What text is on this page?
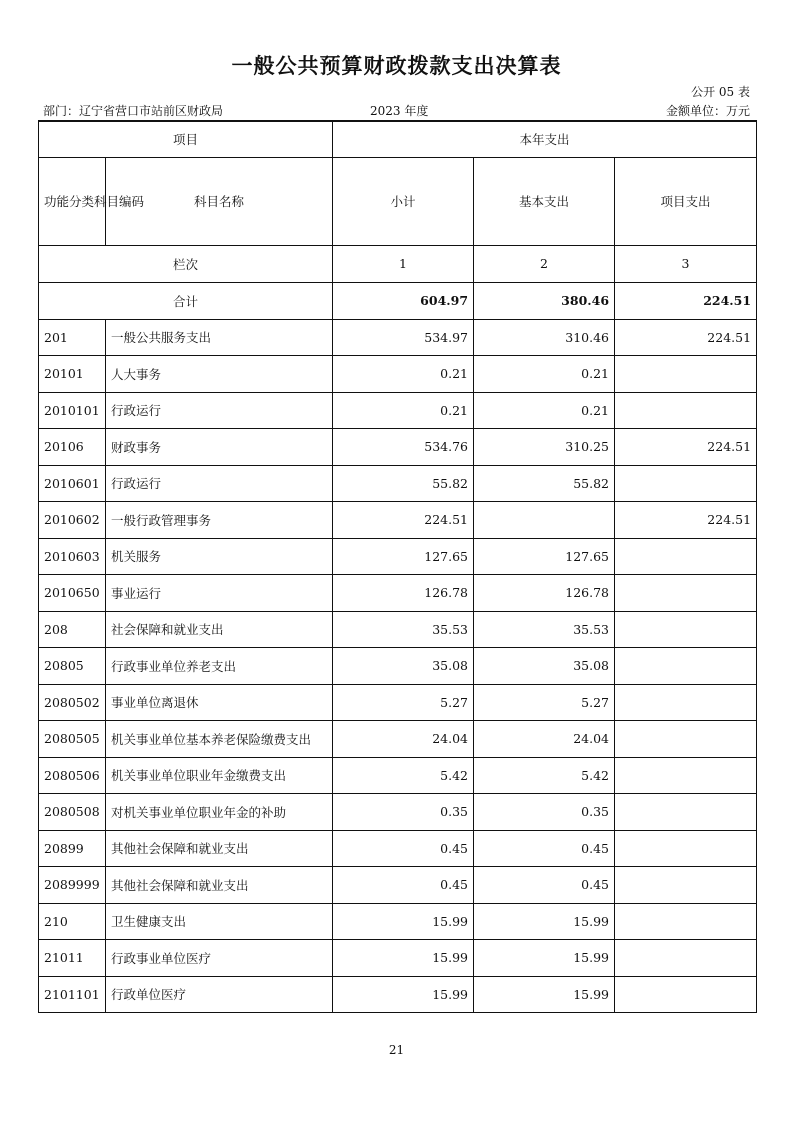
一般公共预算财政拨款支出决算表
公开 05 表
部门：辽宁省营口市站前区财政局	2023 年度	金额单位：万元
项目		本年支出		
功能分类科目编码	科目名称	小计	基本支出	项目支出
栏次		1	2	3
合计		604.97	380.46	224.51
201	一般公共服务支出	534.97	310.46	224.51
20101	人大事务	0.21	0.21	
2010101	行政运行	0.21	0.21	
20106	财政事务	534.76	310.25	224.51
2010601	行政运行	55.82	55.82	
2010602	一般行政管理事务	224.51		224.51
2010603	机关服务	127.65	127.65	
2010650	事业运行	126.78	126.78	
208	社会保障和就业支出	35.53	35.53	
20805	行政事业单位养老支出	35.08	35.08	
2080502	事业单位离退休	5.27	5.27	
2080505	机关事业单位基本养老保险缴费支出	24.04	24.04	
2080506	机关事业单位职业年金缴费支出	5.42	5.42	
2080508	对机关事业单位职业年金的补助	0.35	0.35	
20899	其他社会保障和就业支出	0.45	0.45	
2089999	其他社会保障和就业支出	0.45	0.45	
210	卫生健康支出	15.99	15.99	
21011	行政事业单位医疗	15.99	15.99	
2101101	行政单位医疗	15.99	15.99	
21
